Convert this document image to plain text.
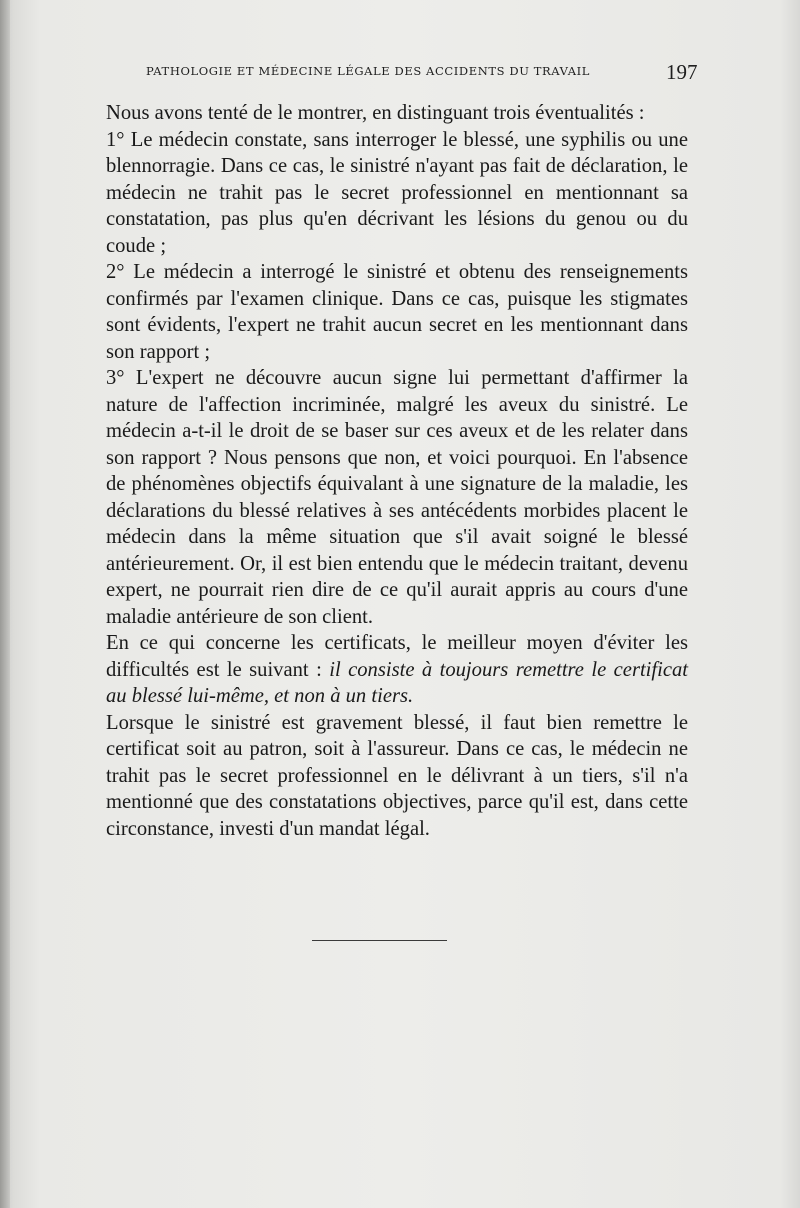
PATHOLOGIE ET MÉDECINE LÉGALE DES ACCIDENTS DU TRAVAIL	197

Nous avons tenté de le montrer, en distinguant trois éventualités :

1° Le médecin constate, sans interroger le blessé, une syphilis ou une blennorragie. Dans ce cas, le sinistré n'ayant pas fait de déclaration, le médecin ne trahit pas le secret professionnel en mentionnant sa constatation, pas plus qu'en décrivant les lésions du genou ou du coude ;

2° Le médecin a interrogé le sinistré et obtenu des renseignements confirmés par l'examen clinique. Dans ce cas, puisque les stigmates sont évidents, l'expert ne trahit aucun secret en les mentionnant dans son rapport ;

3° L'expert ne découvre aucun signe lui permettant d'affirmer la nature de l'affection incriminée, malgré les aveux du sinistré. Le médecin a-t-il le droit de se baser sur ces aveux et de les relater dans son rapport ? Nous pensons que non, et voici pourquoi. En l'absence de phénomènes objectifs équivalant à une signature de la maladie, les déclarations du blessé relatives à ses antécédents morbides placent le médecin dans la même situation que s'il avait soigné le blessé antérieurement. Or, il est bien entendu que le médecin traitant, devenu expert, ne pourrait rien dire de ce qu'il aurait appris au cours d'une maladie antérieure de son client.

En ce qui concerne les certificats, le meilleur moyen d'éviter les difficultés est le suivant : il consiste à toujours remettre le certificat au blessé lui-même, et non à un tiers.

Lorsque le sinistré est gravement blessé, il faut bien remettre le certificat soit au patron, soit à l'assureur. Dans ce cas, le médecin ne trahit pas le secret professionnel en le délivrant à un tiers, s'il n'a mentionné que des constatations objectives, parce qu'il est, dans cette circonstance, investi d'un mandat légal.
